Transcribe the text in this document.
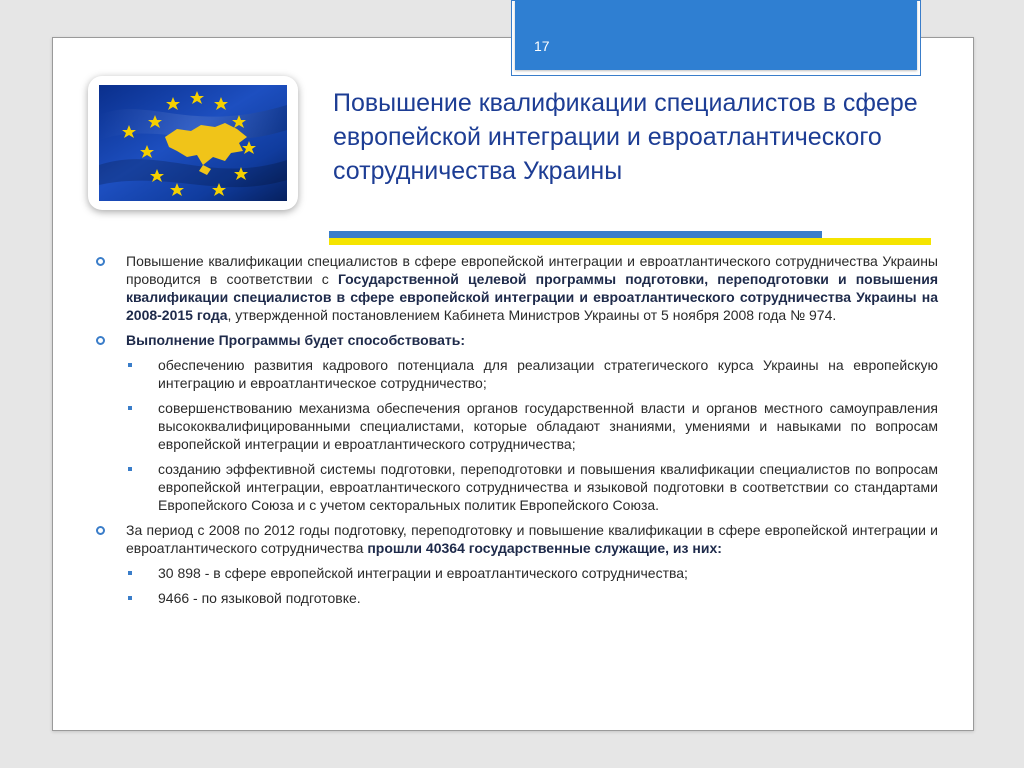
17
Повышение квалификации специалистов в сфере европейской интеграции и евроатлантического сотрудничества Украины
Повышение квалификации специалистов в сфере европейской интеграции и евроатлантического сотрудничества Украины проводится в соответствии с Государственной целевой программы подготовки, переподготовки и повышения квалификации специалистов в сфере европейской интеграции и евроатлантического сотрудничества Украины на 2008-2015 года, утвержденной постановлением Кабинета Министров Украины от 5 ноября 2008 года № 974.
Выполнение Программы будет способствовать:
обеспечению развития кадрового потенциала для реализации стратегического курса Украины на европейскую интеграцию и евроатлантическое сотрудничество;
совершенствованию механизма обеспечения органов государственной власти и органов местного самоуправления высококвалифицированными специалистами, которые обладают знаниями, умениями и навыками по вопросам европейской интеграции и евроатлантического сотрудничества;
созданию эффективной системы подготовки, переподготовки и повышения квалификации специалистов по вопросам европейской интеграции, евроатлантического сотрудничества и языковой подготовки в соответствии со стандартами Европейского Союза и с учетом секторальных политик Европейского Союза.
За период с 2008 по 2012 годы подготовку, переподготовку и повышение квалификации в сфере европейской интеграции и евроатлантического сотрудничества прошли 40364 государственные служащие, из них:
30 898 - в сфере европейской интеграции и евроатлантического сотрудничества;
9466 - по языковой подготовке.
